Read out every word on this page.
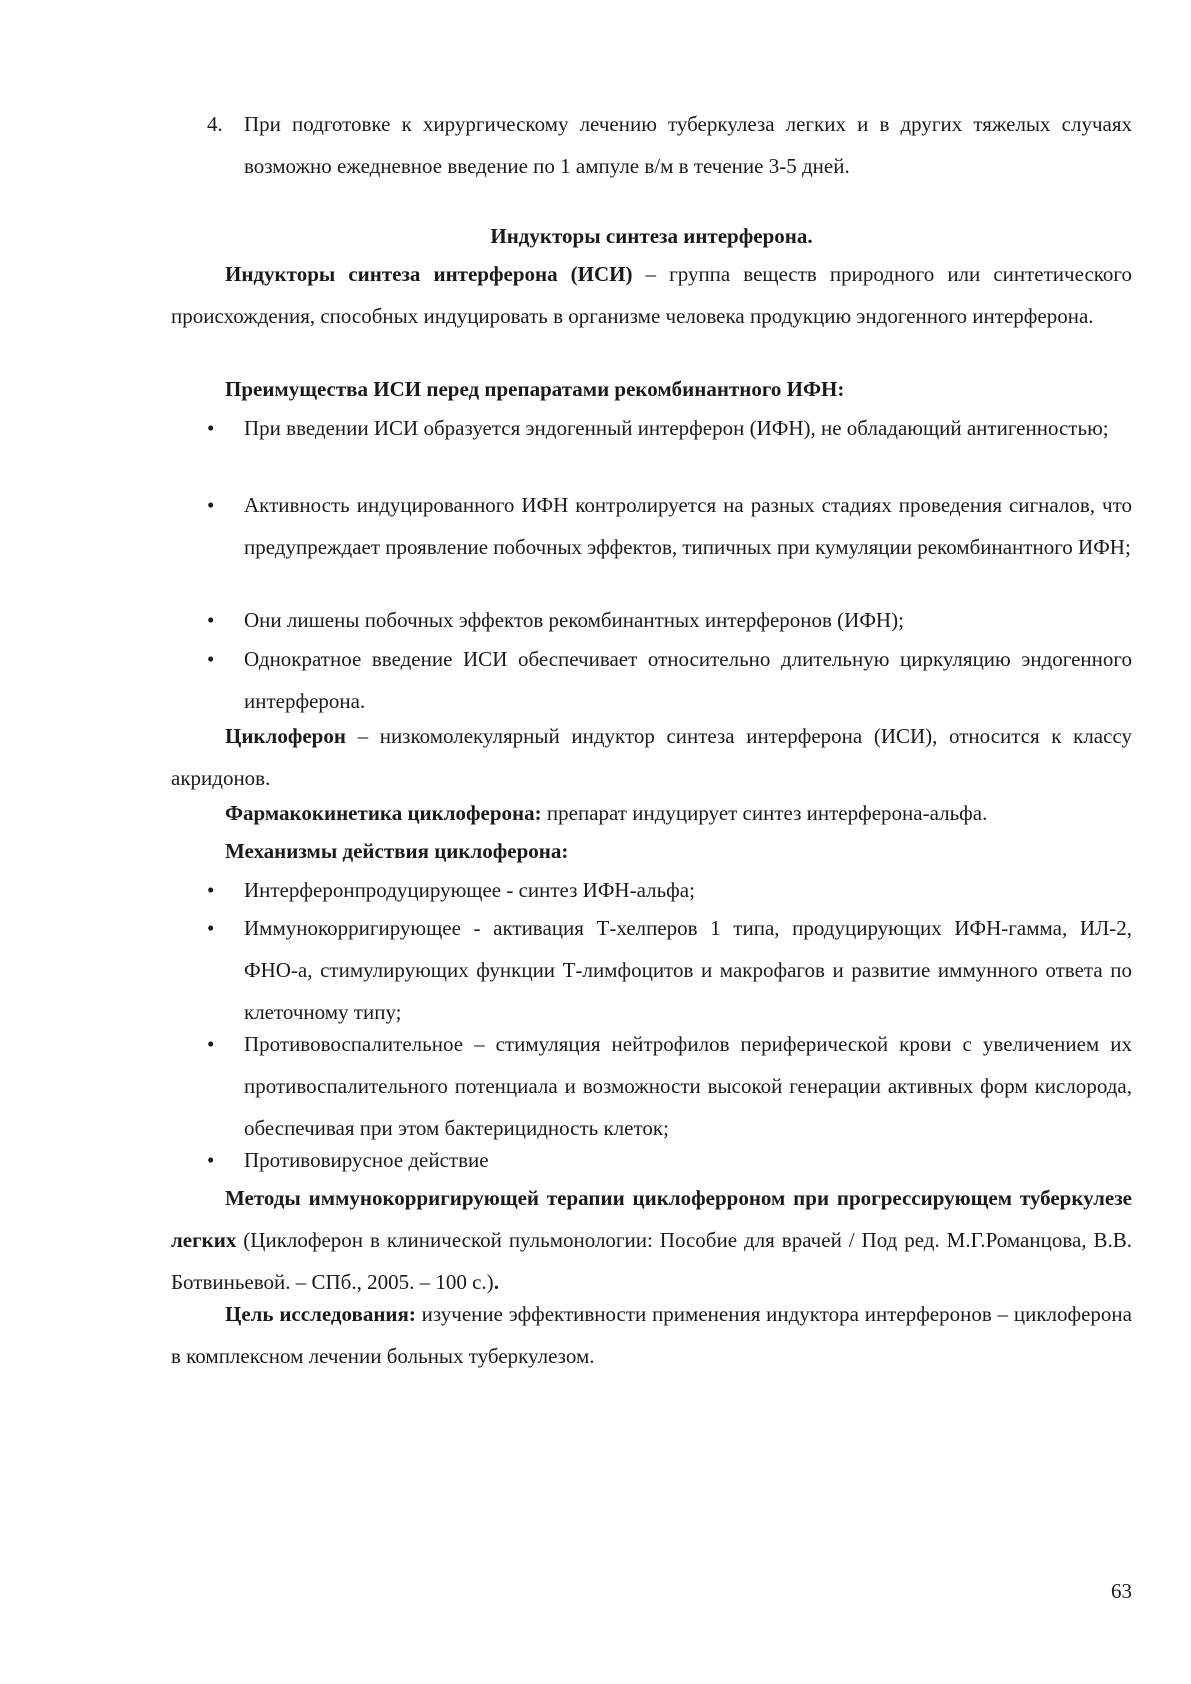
4. При подготовке к хирургическому лечению туберкулеза легких и в других тяжелых случаях возможно ежедневное введение по 1 ампуле в/м в течение 3-5 дней.
Индукторы синтеза интерферона.
Индукторы синтеза интерферона (ИСИ) – группа веществ природного или синтетического происхождения, способных индуцировать в организме человека продукцию эндогенного интерферона.
Преимущества ИСИ перед препаратами рекомбинантного ИФН:
• При введении ИСИ образуется эндогенный интерферон (ИФН), не обладающий антигенностью;
• Активность индуцированного ИФН контролируется на разных стадиях проведения сигналов, что предупреждает проявление побочных эффектов, типичных при кумуляции рекомбинантного ИФН;
• Они лишены побочных эффектов рекомбинантных интерферонов (ИФН);
• Однократное введение ИСИ обеспечивает относительно длительную циркуляцию эндогенного интерферона.
Циклоферон – низкомолекулярный индуктор синтеза интерферона (ИСИ), относится к классу акридонов.
Фармакокинетика циклоферона: препарат индуцирует синтез интерферона-альфа.
Механизмы действия циклоферона:
• Интерферонпродуцирующее - синтез ИФН-альфа;
• Иммунокорригирующее - активация Т-хелперов 1 типа, продуцирующих ИФН-гамма, ИЛ-2, ФНО-а, стимулирующих функции Т-лимфоцитов и макрофагов и развитие иммунного ответа по клеточному типу;
• Противовоспалительное – стимуляция нейтрофилов периферической крови с увеличением их противоспалительного потенциала и возможности высокой генерации активных форм кислорода, обеспечивая при этом бактерицидность клеток;
• Противовирусное действие
Методы иммунокорригирующей терапии циклоферроном при прогрессирующем туберкулезе легких (Циклоферон в клинической пульмонологии: Пособие для врачей / Под ред. М.Г.Романцова, В.В. Ботвиньевой. – СПб., 2005. – 100 с.).
Цель исследования: изучение эффективности применения индуктора интерферонов – циклоферона в комплексном лечении больных туберкулезом.
63
